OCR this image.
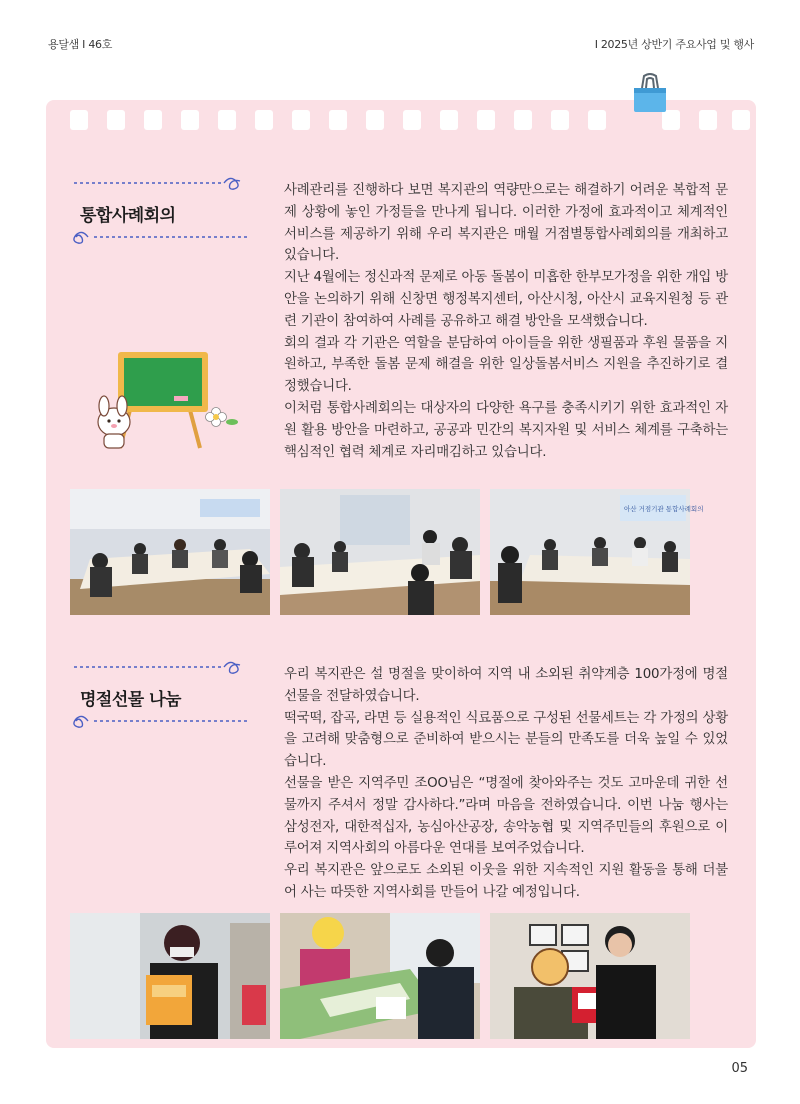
용달샘 I 46호	I 2025년 상반기 주요사업 및 행사
통합사례회의

사례관리를 진행하다 보면 복지관의 역량만으로는 해결하기 어려운 복합적 문제 상황에 놓인 가정들을 만나게 됩니다. 이러한 가정에 효과적이고 체계적인 서비스를 제공하기 위해 우리 복지관은 매월 거점별통합사례회의를 개최하고 있습니다.

지난 4월에는 정신과적 문제로 아동 돌봄이 미흡한 한부모가정을 위한 개입 방안을 논의하기 위해 신창면 행정복지센터, 아산시청, 아산시 교육지원청 등 관련 기관이 참여하여 사례를 공유하고 해결 방안을 모색했습니다.

회의 결과 각 기관은 역할을 분담하여 아이들을 위한 생필품과 후원 물품을 지원하고, 부족한 돌봄 문제 해결을 위한 일상돌봄서비스 지원을 추진하기로 결정했습니다.

이처럼 통합사례회의는 대상자의 다양한 욕구를 충족시키기 위한 효과적인 자원 활용 방안을 마련하고, 공공과 민간의 복지자원 및 서비스 체계를 구축하는 핵심적인 협력 체계로 자리매김하고 있습니다.

아산 거점기관 통합사례회의
명절선물 나눔

우리 복지관은 설 명절을 맞이하여 지역 내 소외된 취약계층 100가정에 명절선물을 전달하였습니다.

떡국떡, 잡곡, 라면 등 실용적인 식료품으로 구성된 선물세트는 각 가정의 상황을 고려해 맞춤형으로 준비하여 받으시는 분들의 만족도를 더욱 높일 수 있었습니다.

선물을 받은 지역주민 조OO님은 “명절에 찾아와주는 것도 고마운데 귀한 선물까지 주셔서 정말 감사하다.”라며 마음을 전하였습니다. 이번 나눔 행사는 삼성전자, 대한적십자, 농심아산공장, 송악농협 및 지역주민들의 후원으로 이루어져 지역사회의 아름다운 연대를 보여주었습니다.

우리 복지관은 앞으로도 소외된 이웃을 위한 지속적인 지원 활동을 통해 더불어 사는 따뜻한 지역사회를 만들어 나갈 예정입니다.

05
